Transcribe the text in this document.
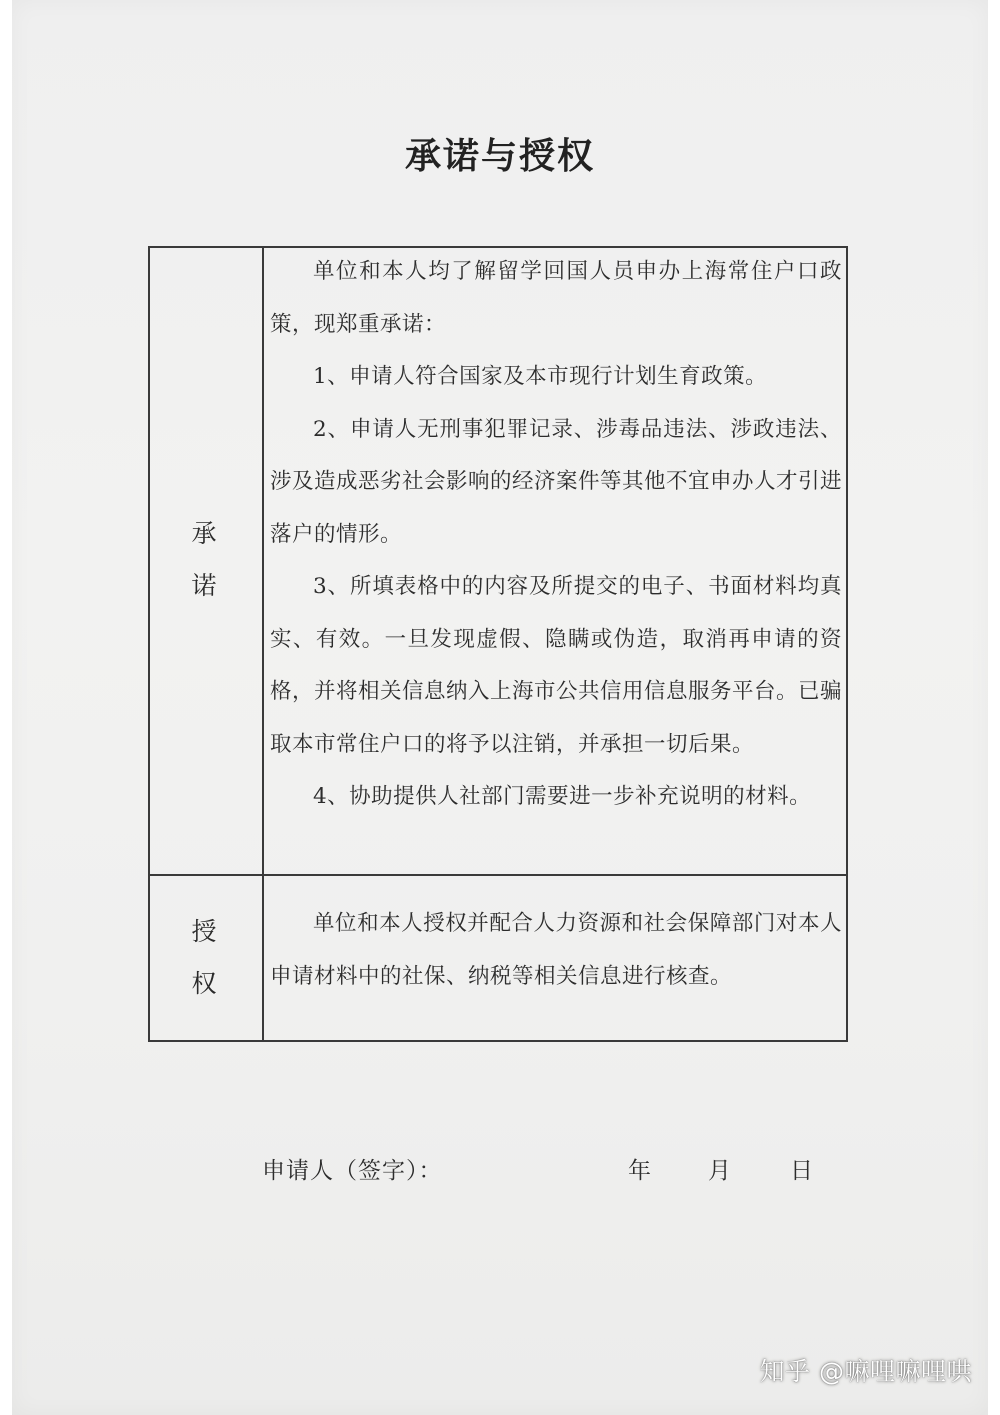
承诺与授权
承
诺

单位和本人均了解留学回国人员申办上海常住户口政策，现郑重承诺：

1、申请人符合国家及本市现行计划生育政策。

2、申请人无刑事犯罪记录、涉毒品违法、涉政违法、涉及造成恶劣社会影响的经济案件等其他不宜申办人才引进落户的情形。

3、所填表格中的内容及所提交的电子、书面材料均真实、有效。一旦发现虚假、隐瞒或伪造，取消再申请的资格，并将相关信息纳入上海市公共信用信息服务平台。已骗取本市常住户口的将予以注销，并承担一切后果。

4、协助提供人社部门需要进一步补充说明的材料。

授
权

单位和本人授权并配合人力资源和社会保障部门对本人申请材料中的社保、纳税等相关信息进行核查。

申请人（签字）：	年 月	日
知乎 @嘛哩嘛哩哄
